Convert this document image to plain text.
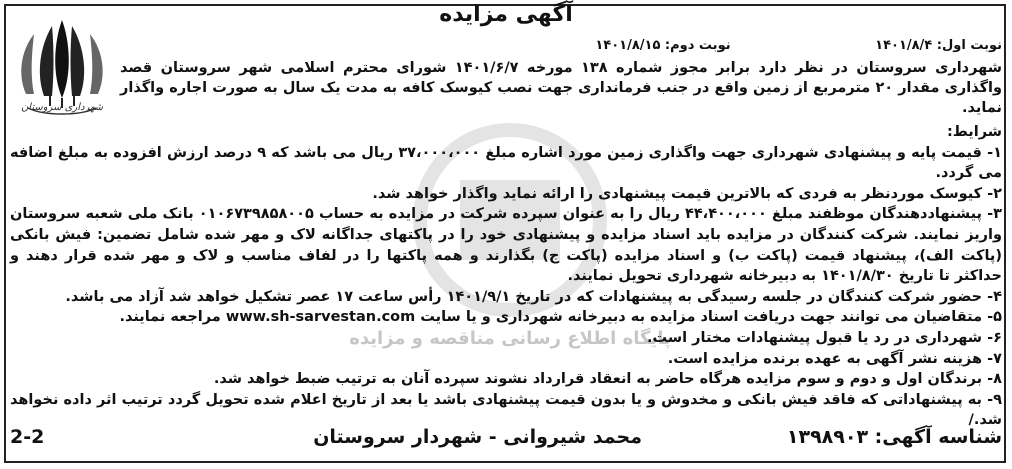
آگهی مزایده
شهرداری سروستان
پایگاه اطلاع رسانی مناقصه و مزایده
نوبت اول: ۱۴۰۱/۸/۴ نوبت دوم: ۱۴۰۱/۸/۱۵
شهرداری سروستان در نظر دارد برابر مجوز شماره ۱۳۸ مورخه ۱۴۰۱/۶/۷ شورای محترم اسلامی شهر سروستان قصد واگذاری مقدار ۲۰ مترمربع از زمین واقع در جنب فرمانداری جهت نصب کیوسک کافه به مدت یک سال به صورت اجاره واگذار نماید.

شرایط:

۱- قیمت پایه و پیشنهادی شهرداری جهت واگذاری زمین مورد اشاره مبلغ ۳۷،۰۰۰،۰۰۰ ریال می باشد که ۹ درصد ارزش افزوده به مبلغ اضافه می گردد.

۲- کیوسک موردنظر به فردی که بالاترین قیمت پیشنهادی را ارائه نماید واگذار خواهد شد.

۳- پیشنهاددهندگان موظفند مبلغ ۴۴،۴۰۰،۰۰۰ ریال را به عنوان سپرده شرکت در مزایده به حساب ۰۱۰۶۷۳۹۸۵۸۰۰۵ بانک ملی شعبه سروستان واریز نمایند. شرکت کنندگان در مزایده باید اسناد مزایده و پیشنهادی خود را در پاکتهای جداگانه لاک و مهر شده شامل تضمین: فیش بانکی (پاکت الف)، پیشنهاد قیمت (پاکت ب) و اسناد مزایده (پاکت ج) بگذارند و همه پاکتها را در لفاف مناسب و لاک و مهر شده قرار دهند و حداکثر تا تاریخ ۱۴۰۱/۸/۳۰ به دبیرخانه شهرداری تحویل نمایند.

۴- حضور شرکت کنندگان در جلسه رسیدگی به پیشنهادات که در تاریخ ۱۴۰۱/۹/۱ رأس ساعت ۱۷ عصر تشکیل خواهد شد آزاد می باشد.

۵- متقاضیان می توانند جهت دریافت اسناد مزایده به دبیرخانه شهرداری و یا سایت www.sh-sarvestan.com مراجعه نمایند.

۶- شهرداری در رد یا قبول پیشنهادات مختار است.

۷- هزینه نشر آگهی به عهده برنده مزایده است.

۸- برندگان اول و دوم و سوم مزایده هرگاه حاضر به انعقاد قرارداد نشوند سپرده آنان به ترتیب ضبط خواهد شد.

۹- به پیشنهاداتی که فاقد فیش بانکی و مخدوش و یا بدون قیمت پیشنهادی باشد یا بعد از تاریخ اعلام شده تحویل گردد ترتیب اثر داده نخواهد شد./

شناسه آگهی: ۱۳۹۸۹۰۳
محمد شیروانی - شهردار سروستان
2-2
